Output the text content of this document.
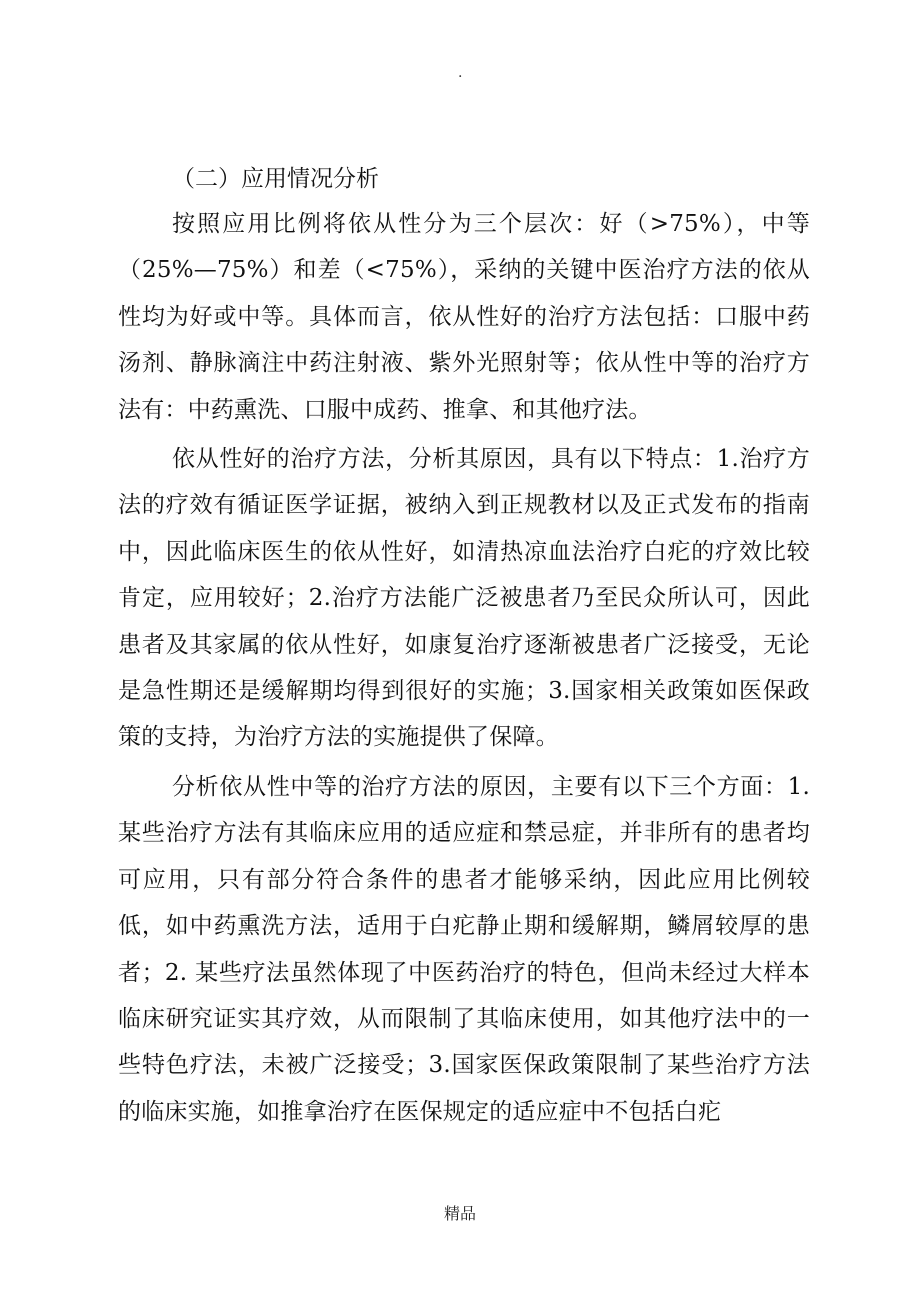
.
（二）应用情况分析

按照应用比例将依从性分为三个层次：好（>75%），中等（25%—75%）和差（<75%），采纳的关键中医治疗方法的依从性均为好或中等。具体而言，依从性好的治疗方法包括：口服中药汤剂、静脉滴注中药注射液、紫外光照射等；依从性中等的治疗方法有：中药熏洗、口服中成药、推拿、和其他疗法。

依从性好的治疗方法，分析其原因，具有以下特点：1.治疗方法的疗效有循证医学证据，被纳入到正规教材以及正式发布的指南中，因此临床医生的依从性好，如清热凉血法治疗白疕的疗效比较肯定，应用较好；2.治疗方法能广泛被患者乃至民众所认可，因此患者及其家属的依从性好，如康复治疗逐渐被患者广泛接受，无论是急性期还是缓解期均得到很好的实施；3.国家相关政策如医保政策的支持，为治疗方法的实施提供了保障。

分析依从性中等的治疗方法的原因，主要有以下三个方面：1.某些治疗方法有其临床应用的适应症和禁忌症，并非所有的患者均可应用，只有部分符合条件的患者才能够采纳，因此应用比例较低，如中药熏洗方法，适用于白疕静止期和缓解期，鳞屑较厚的患者；2. 某些疗法虽然体现了中医药治疗的特色，但尚未经过大样本临床研究证实其疗效，从而限制了其临床使用，如其他疗法中的一些特色疗法，未被广泛接受；3.国家医保政策限制了某些治疗方法的临床实施，如推拿治疗在医保规定的适应症中不包括白疕

精品
